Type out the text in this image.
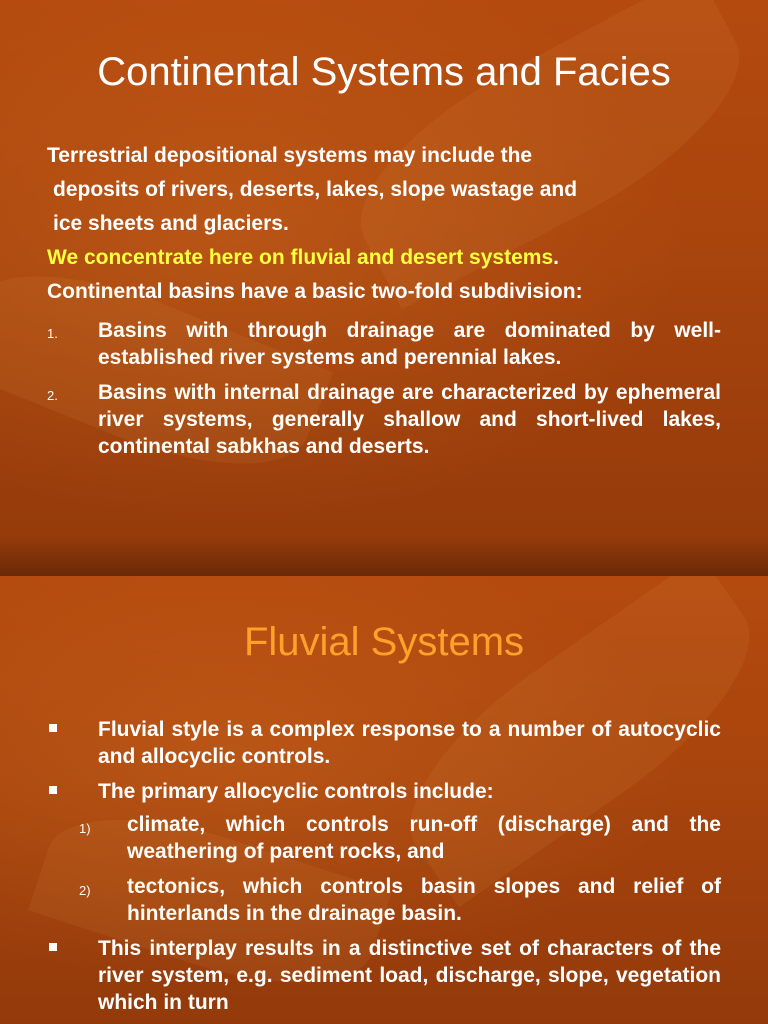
Continental Systems and Facies
Terrestrial depositional systems may include the
deposits of rivers, deserts, lakes, slope wastage and
ice sheets and glaciers.
We concentrate here on fluvial and desert systems.
Continental basins have a basic two-fold subdivision:
1. Basins with through drainage are dominated by well-established river systems and perennial lakes.
2. Basins with internal drainage are characterized by ephemeral river systems, generally shallow and short-lived lakes, continental sabkhas and deserts.
Fluvial Systems
Fluvial style is a complex response to a number of autocyclic and allocyclic controls.
The primary allocyclic controls include:
1) climate, which controls run-off (discharge) and the weathering of parent rocks, and
2) tectonics, which controls basin slopes and relief of hinterlands in the drainage basin.
This interplay results in a distinctive set of characters of the river system, e.g. sediment load, discharge, slope, vegetation which in turn
